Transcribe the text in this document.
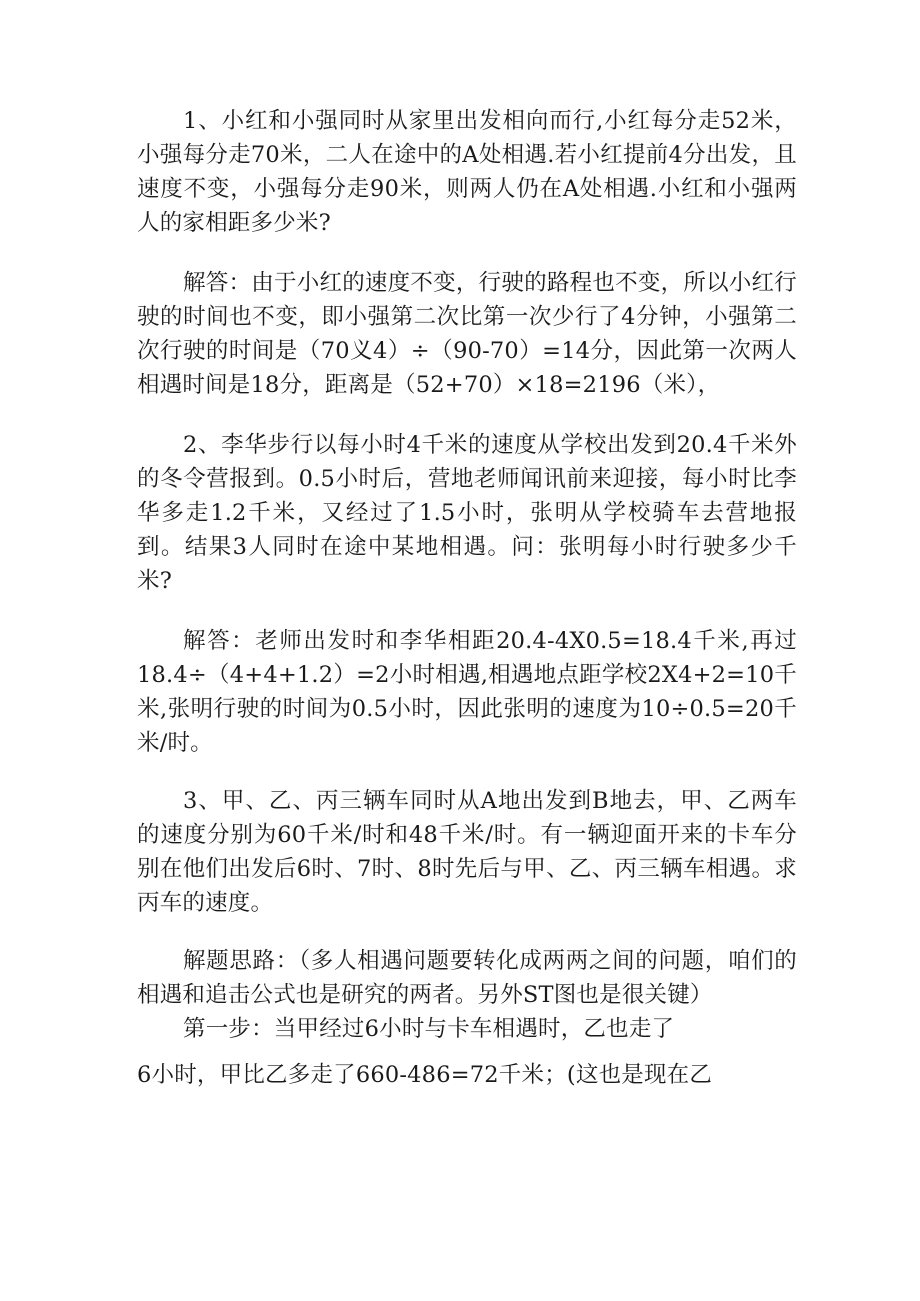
1、小红和小强同时从家里出发相向而行,小红每分走52米，小强每分走70米，二人在途中的A处相遇.若小红提前4分出发，且速度不变，小强每分走90米，则两人仍在A处相遇.小红和小强两人的家相距多少米?

解答：由于小红的速度不变，行驶的路程也不变，所以小红行驶的时间也不变，即小强第二次比第一次少行了4分钟，小强第二次行驶的时间是（70义4）÷（90-70）=14分，因此第一次两人相遇时间是18分，距离是（52+70）×18=2196（米），

2、李华步行以每小时4千米的速度从学校出发到20.4千米外的冬令营报到。0.5小时后，营地老师闻讯前来迎接，每小时比李华多走1.2千米，又经过了1.5小时，张明从学校骑车去营地报到。结果3人同时在途中某地相遇。问：张明每小时行驶多少千米?

解答：老师出发时和李华相距20.4-4X0.5=18.4千米,再过18.4÷（4+4+1.2）=2小时相遇,相遇地点距学校2X4+2=10千米,张明行驶的时间为0.5小时，因此张明的速度为10÷0.5=20千米/时。

3、甲、乙、丙三辆车同时从A地出发到B地去，甲、乙两车的速度分别为60千米/时和48千米/时。有一辆迎面开来的卡车分别在他们出发后6时、7时、8时先后与甲、乙、丙三辆车相遇。求丙车的速度。

解题思路：（多人相遇问题要转化成两两之间的问题，咱们的相遇和追击公式也是研究的两者。另外ST图也是很关键）

第一步：当甲经过6小时与卡车相遇时，乙也走了

6小时，甲比乙多走了660-486=72千米；(这也是现在乙
